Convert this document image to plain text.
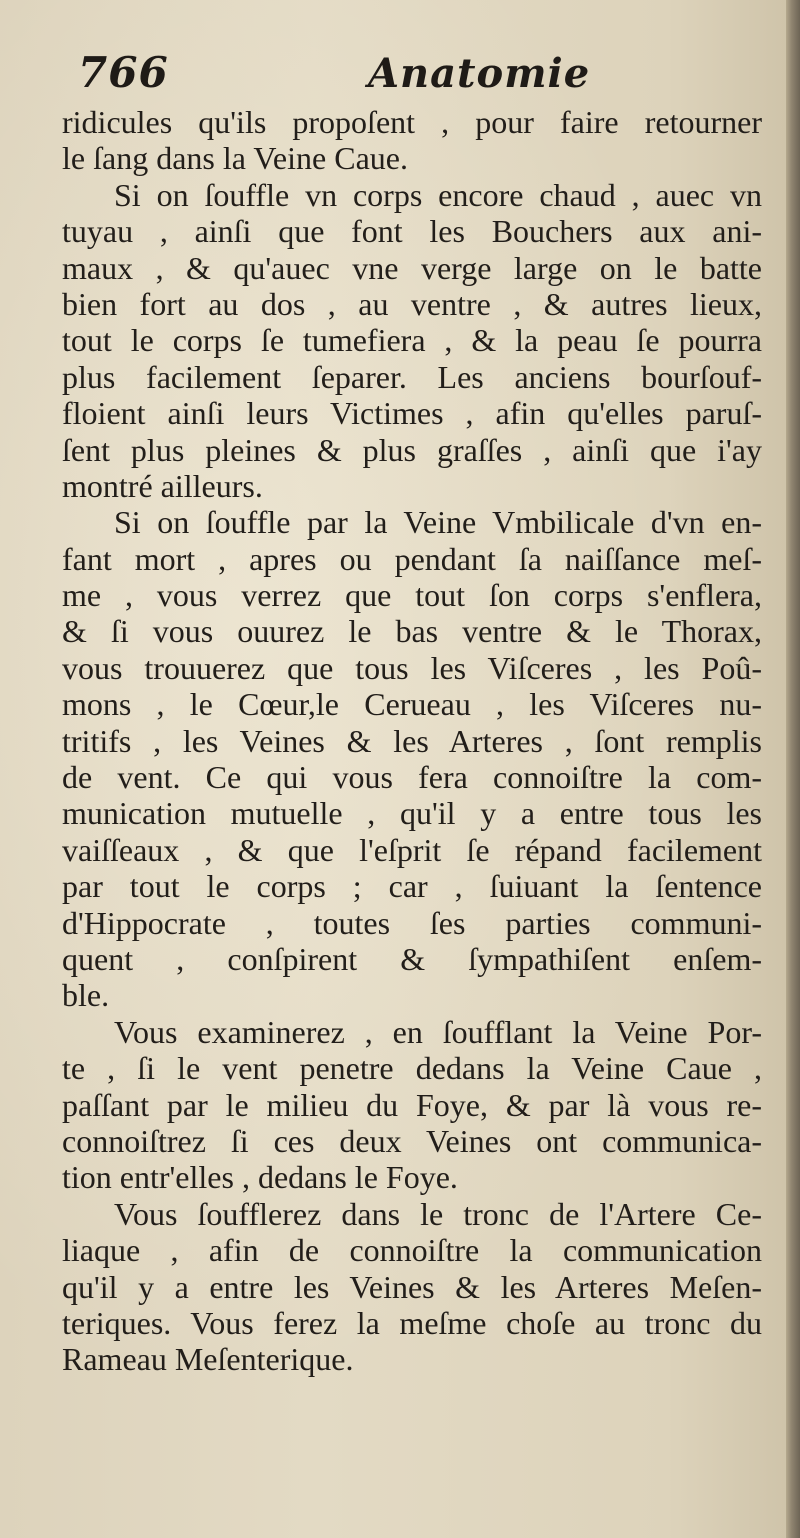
766	Anatomie
ridicules qu'ils propoſent , pour faire retourner
le ſang dans la Veine Caue.
Si on ſouffle vn corps encore chaud , auec vn
tuyau , ainſi que font les Bouchers aux ani-
maux , & qu'auec vne verge large on le batte
bien fort au dos , au ventre , & autres lieux,
tout le corps ſe tumefiera , & la peau ſe pourra
plus facilement ſeparer. Les anciens bourſouf-
floient ainſi leurs Victimes , afin qu'elles paruſ-
ſent plus pleines & plus graſſes , ainſi que i'ay
montré ailleurs.
Si on ſouffle par la Veine Vmbilicale d'vn en-
fant mort , apres ou pendant ſa naiſſance meſ-
me , vous verrez que tout ſon corps s'enflera,
& ſi vous ouurez le bas ventre & le Thorax,
vous trouuerez que tous les Viſceres , les Poû-
mons , le Cœur,le Cerueau , les Viſceres nu-
tritifs , les Veines & les Arteres , ſont remplis
de vent. Ce qui vous fera connoiſtre la com-
munication mutuelle , qu'il y a entre tous les
vaiſſeaux , & que l'eſprit ſe répand facilement
par tout le corps ; car , ſuiuant la ſentence
d'Hippocrate , toutes ſes parties communi-
quent , conſpirent & ſympathiſent enſem-
ble.
Vous examinerez , en ſoufflant la Veine Por-
te , ſi le vent penetre dedans la Veine Caue ,
paſſant par le milieu du Foye, & par là vous re-
connoiſtrez ſi ces deux Veines ont communica-
tion entr'elles , dedans le Foye.
Vous ſoufflerez dans le tronc de l'Artere Ce-
liaque , afin de connoiſtre la communication
qu'il y a entre les Veines & les Arteres Meſen-
teriques. Vous ferez la meſme choſe au tronc du
Rameau Meſenterique.
